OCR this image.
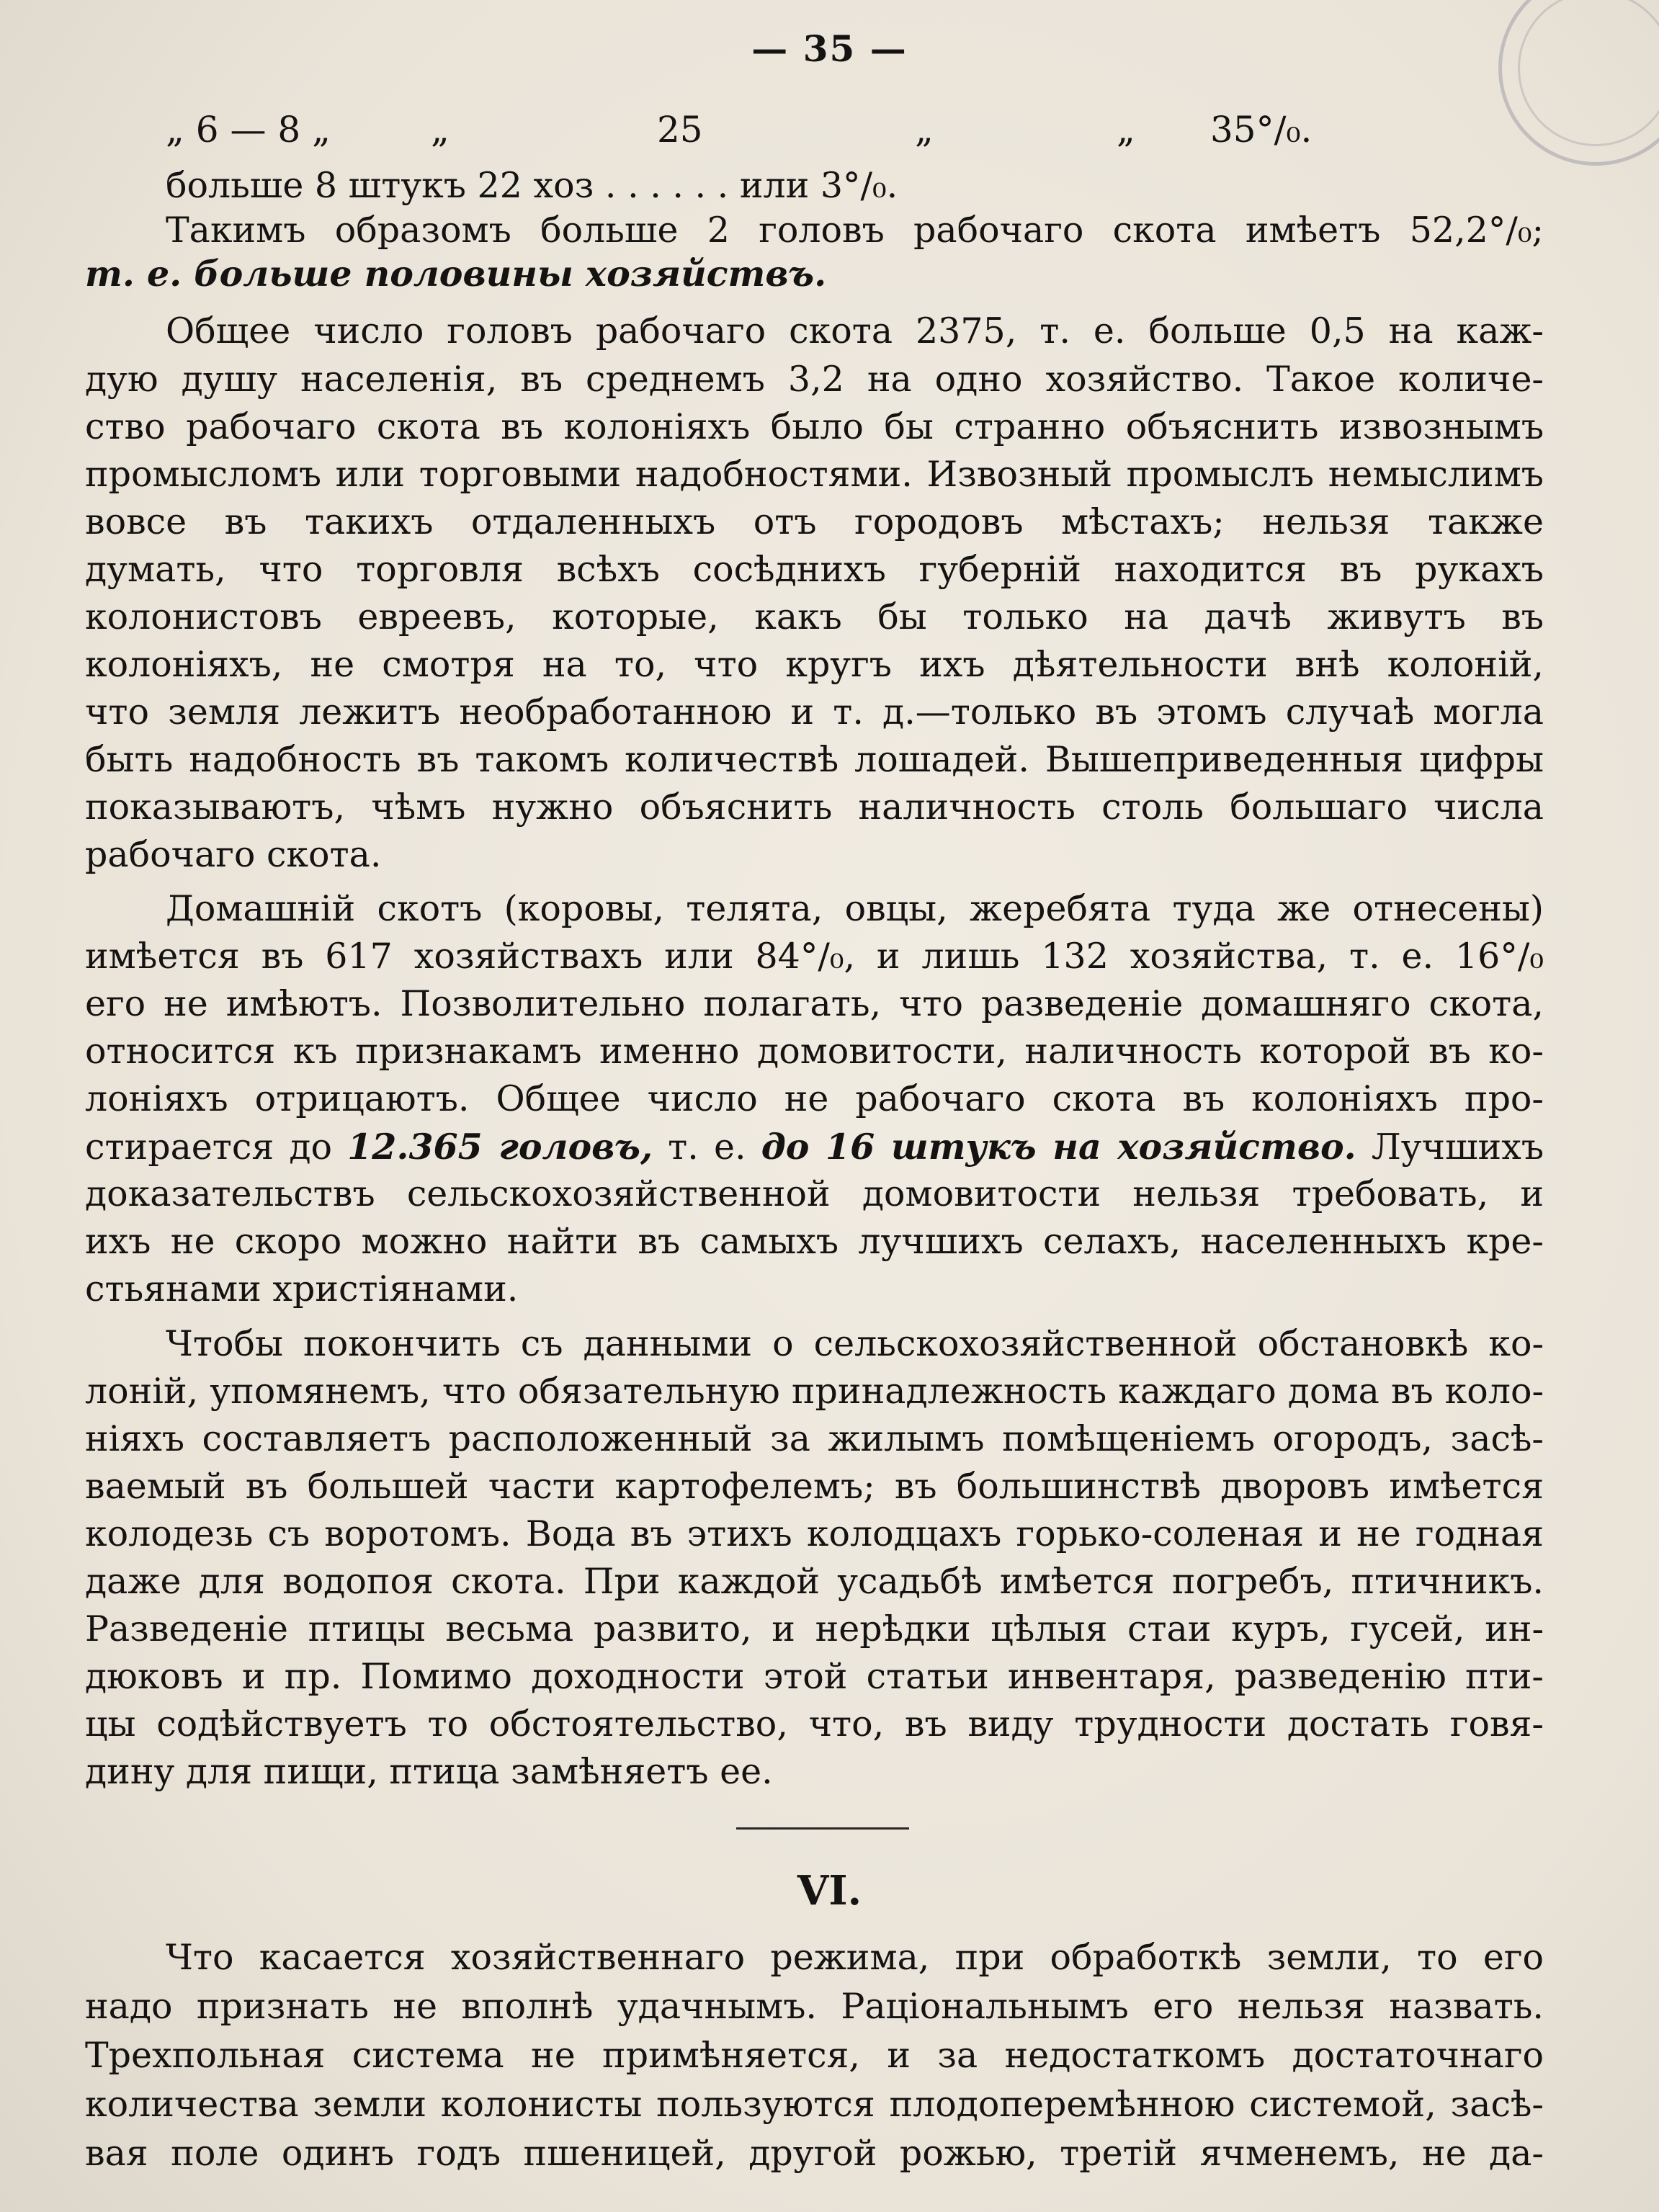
— 35 —
„ 6 — 8 „	„	25	„	„ 35°/₀.
больше 8 штукъ 22 хоз . . . . . . или 3°/₀.
Такимъ образомъ больше 2 головъ рабочаго скота имѣетъ 52,2°/₀;
т. е. больше половины хозяйствъ.
Общее число головъ рабочаго скота 2375, т. е. больше 0,5 на каж-
дую душу населенія, въ среднемъ 3,2 на одно хозяйство. Такое количе-
ство рабочаго скота въ колоніяхъ было бы странно объяснить извознымъ
промысломъ или торговыми надобностями. Извозный промыслъ немыслимъ
вовсе въ такихъ отдаленныхъ отъ городовъ мѣстахъ; нельзя также
думать, что торговля всѣхъ сосѣднихъ губерній находится въ рукахъ
колонистовъ евреевъ, которые, какъ бы только на дачѣ живутъ въ
колоніяхъ, не смотря на то, что кругъ ихъ дѣятельности внѣ колоній,
что земля лежитъ необработанною и т. д.—только въ этомъ случаѣ могла
быть надобность въ такомъ количествѣ лошадей. Вышеприведенныя цифры
показываютъ, чѣмъ нужно объяснить наличность столь большаго числа
рабочаго скота.
Домашній скотъ (коровы, телята, овцы, жеребята туда же отнесены)
имѣется въ 617 хозяйствахъ или 84°/₀, и лишь 132 хозяйства, т. е. 16°/₀
его не имѣютъ. Позволительно полагать, что разведеніе домашняго скота,
относится къ признакамъ именно домовитости, наличность которой въ ко-
лоніяхъ отрицаютъ. Общее число не рабочаго скота въ колоніяхъ про-
стирается до 12.365 головъ, т. е. до 16 штукъ на хозяйство. Лучшихъ
доказательствъ сельскохозяйственной домовитости нельзя требовать, и
ихъ не скоро можно найти въ самыхъ лучшихъ селахъ, населенныхъ кре-
стьянами христіянами.
Чтобы покончить съ данными о сельскохозяйственной обстановкѣ ко-
лоній, упомянемъ, что обязательную принадлежность каждаго дома въ коло-
ніяхъ составляетъ расположенный за жилымъ помѣщеніемъ огородъ, засѣ-
ваемый въ большей части картофелемъ; въ большинствѣ дворовъ имѣется
колодезь съ воротомъ. Вода въ этихъ колодцахъ горько-соленая и не годная
даже для водопоя скота. При каждой усадьбѣ имѣется погребъ, птичникъ.
Разведеніе птицы весьма развито, и нерѣдки цѣлыя стаи куръ, гусей, ин-
дюковъ и пр. Помимо доходности этой статьи инвентаря, разведенію пти-
цы содѣйствуетъ то обстоятельство, что, въ виду трудности достать говя-
дину для пищи, птица замѣняетъ ее.
VI.
Что касается хозяйственнаго режима, при обработкѣ земли, то его
надо признать не вполнѣ удачнымъ. Раціональнымъ его нельзя назвать.
Трехпольная система не примѣняется, и за недостаткомъ достаточнаго
количества земли колонисты пользуются плодоперемѣнною системой, засѣ-
вая поле одинъ годъ пшеницей, другой рожью, третій ячменемъ, не да-
